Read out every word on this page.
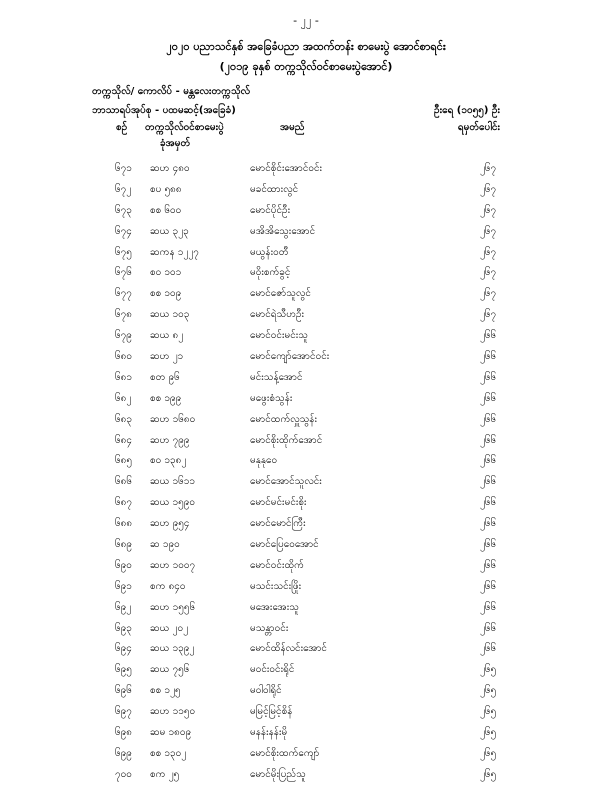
- ၂၂ -
၂၀၂၀ ပညာသင်နှစ် အခြေခံပညာ အထက်တန်း စာမေးပွဲ အောင်စာရင်း
(၂၀၁၉ ခုနှစ် တက္ကသိုလ်ဝင်စာမေးပွဲအောင်)
တက္ကသိုလ်/ ကောလိပ် - မန္တလေးတက္ကသိုလ်
ဘာသာရပ်အုပ်စု - ပထမဆင့်(အခြေခံ)	ဦးရေ (၁၀၅၅) ဦး
ရမှတ်ပေါင်း
စဉ် တက္ကသိုလ်ဝင်စာမေးပွဲ
ခုံအမှတ်
အမည်
၆၇၁ ဆဟ ၄၈၀	မောင်စိုင်းအောင်ဝင်း	၂၆၇
၆၇၂ စပ ၅၈၈	မခင်ထားလွင်	၂၆၇
၆၇၃ စစ ၆၀၀	မောင်ပိုင်ဦး	၂၆၇
၆၇၄ ဆယ ၃၂၃	မအိအိသွေးအောင်	၂၆၇
၆၇၅ ဆကန ၁၂၂၇	မယွန်းဝတီ	၂၆၇
၆၇၆ စဝ ၁၀၁	မဝိုးစက်ခွင့်	၂၆၇
၆၇၇ စစ ၁၀၉	မောင်ဇော်သူလွင်	၂၆၇
၆၇၈ ဆယ ၁၀၃	မောင်ရဲသီဟဦး	၂၆၇
၆၇၉ ဆယ ၈၂	မောင်ဝင်းမင်းသူ	၂၆၆
၆၈၀ ဆဟ ၂၁	မောင်ကျော်အောင်ဝင်း	၂၆၆
၆၈၁ စတ ၉၆	မင်းသန့်အောင်	၂၆၆
၆၈၂ စစ ၁၉၉	မဖွေးစံသွန်း	၂၆၆
၆၈၃ ဆဟ ၁၆၈၀	မောင်ထက်လှူသွန်း	၂၆၆
၆၈၄ ဆဟ ၇၉၉	မောင်စိုးထိုက်အောင်	၂၆၆
၆၈၅ စဝ ၁၃၈၂	မနုနုဝေ	၂၆၆
၆၈၆ ဆယ ၁၆၁၁	မောင်အောင်သူလင်း	၂၆၆
၆၈၇ ဆယ ၁၅၉၀	မောင်မင်းမင်းစိုး	၂၆၆
၆၈၈ ဆဟ ၉၅၄	မောင်မောင်ကြီး	၂၆၆
၆၈၉ ဆ ၁၉၀	မောင်ပြေဝေအောင်	၂၆၆
၆၉၀ ဆဟ ၁၀၀၇	မောင်ဝင်းထိုက်	၂၆၆
၆၉၁ စက ၈၄၀	မသင်းသင်းဖြိုး	၂၆၆
၆၉၂ ဆဟ ၁၅၅၆	မအေးအေးသူ	၂၆၆
၆၉၃ ဆယ ၂၀၂	မသန္တာဝင်း	၂၆၆
၆၉၄ ဆယ ၁၃၉၂	မောင်ထိန်လင်းအောင်	၂၆၆
၆၉၅ ဆယ ၇၅၆	မဝင်းဝင်းရိုင်	၂၆၅
၆၉၆ စစ ၁၂၅	မဝါဝါရိုင်	၂၆၅
၆၉၇ ဆဟ ၁၁၅၀	မမြင့်မြင့်စိန်	၂၆၅
၆၉၈ ဆမ ၁၈၀၉	မနန်းနန်းမို	၂၆၅
၆၉၉ စစ ၁၃၀၂	မောင်စိုးထက်ကျော်	၂၆၅
၇၀၀ စက ၂၅	မောင်မိုးပြည်သူ	၂၆၅
